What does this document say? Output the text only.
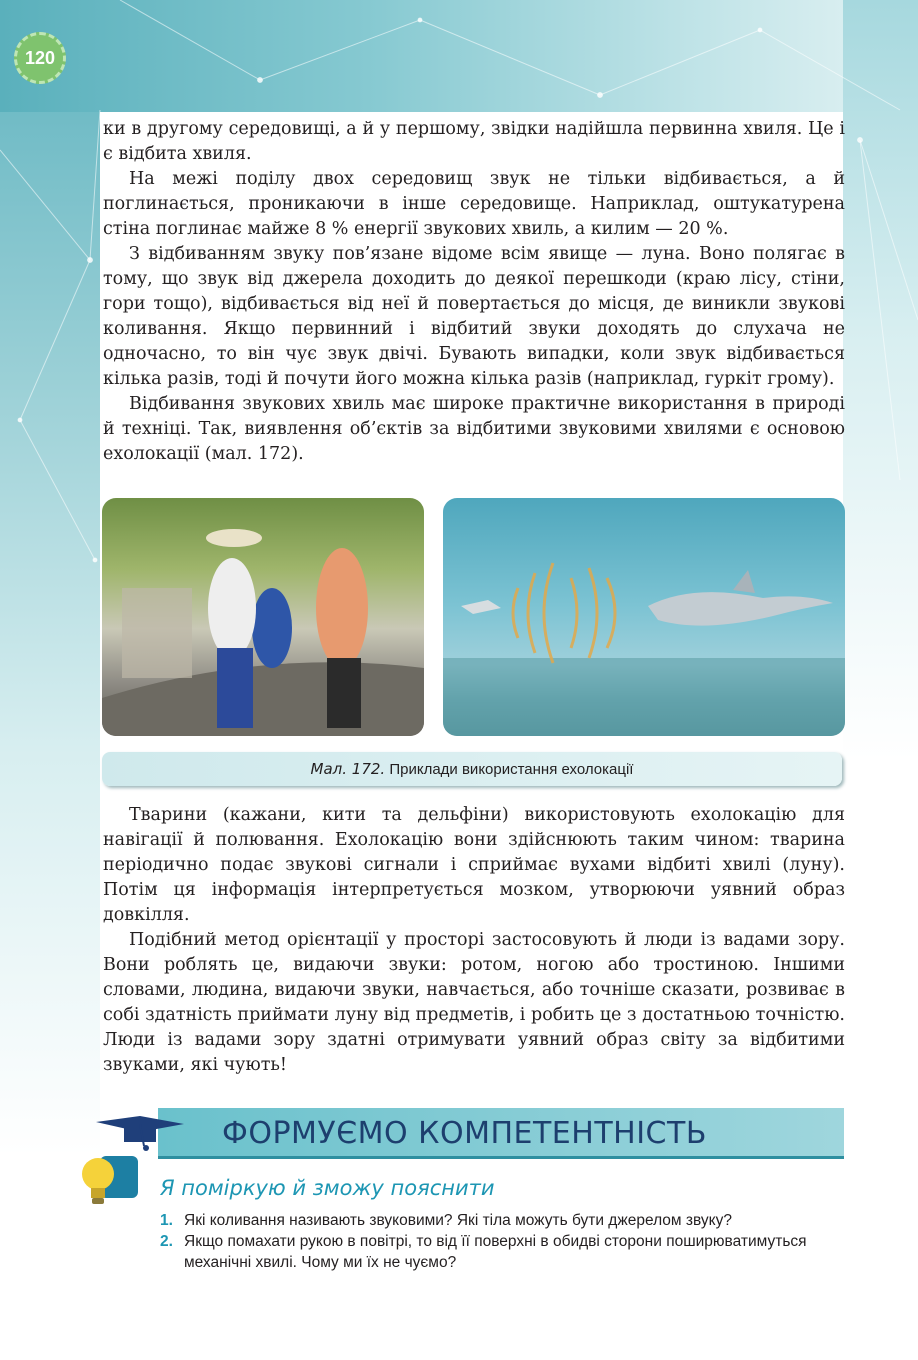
120

ки в другому середовищі, а й у першому, звідки надійшла первинна хвиля. Це і є відбита хвиля.

На межі поділу двох середовищ звук не тільки відбивається, а й поглинається, проникаючи в інше середовище. Наприклад, оштукатурена стіна поглинає майже 8 % енергії звукових хвиль, а килим — 20 %.

З відбиванням звуку пов’язане відоме всім явище — луна. Воно полягає в тому, що звук від джерела доходить до деякої перешкоди (краю лісу, стіни, гори тощо), відбивається від неї й повертається до місця, де виникли звукові коливання. Якщо первинний і відбитий звуки доходять до слухача не одночасно, то він чує звук двічі. Бувають випадки, коли звук відбивається кілька разів, тоді й почути його можна кілька разів (наприклад, гуркіт грому).

Відбивання звукових хвиль має широке практичне використання в природі й техніці. Так, виявлення об’єктів за відбитими звуковими хвилями є основою ехолокації (мал. 172).

Мал. 172. Приклади використання ехолокації

Тварини (кажани, кити та дельфіни) використовують ехолокацію для навігації й полювання. Ехолокацію вони здійснюють таким чином: тварина періодично подає звукові сигнали і сприймає вухами відбиті хвилі (луну). Потім ця інформація інтерпретується мозком, утворюючи уявний образ довкілля.

Подібний метод орієнтації у просторі застосовують й люди із вадами зору. Вони роблять це, видаючи звуки: ротом, ногою або тростиною. Іншими словами, людина, видаючи звуки, навчається, або точніше сказати, розвиває в собі здатність приймати луну від предметів, і робить це з достатньою точністю. Люди із вадами зору здатні отримувати уявний образ світу за відбитими звуками, які чують!

ФОРМУЄМО КОМПЕТЕНТНІСТЬ
Я поміркую й зможу пояснити
1. Які коливання називають звуковими? Які тіла можуть бути джерелом звуку?
2. Якщо помахати рукою в повітрі, то від її поверхні в обидві сторони поширюватимуться механічні хвилі. Чому ми їх не чуємо?
